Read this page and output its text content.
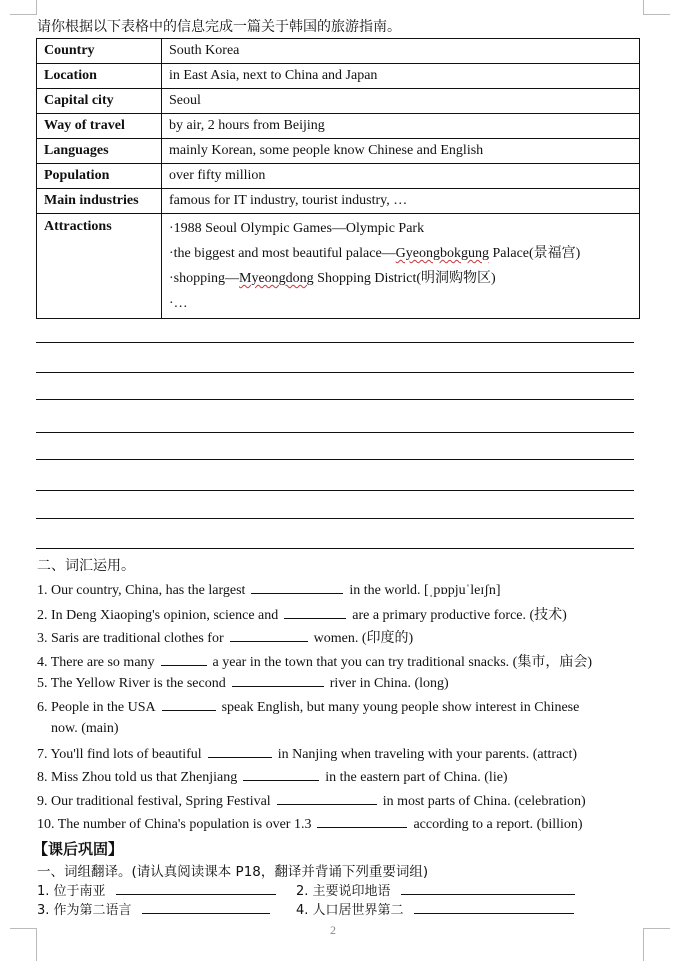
请你根据以下表格中的信息完成一篇关于韩国的旅游指南。
Country	South Korea
Location	in East Asia, next to China and Japan
Capital city	Seoul
Way of travel	by air, 2 hours from Beijing
Languages	mainly Korean, some people know Chinese and English
Population	over fifty million
Main industries	famous for IT industry, tourist industry, …
Attractions	·1988 Seoul Olympic Games—Olympic Park
·the biggest and most beautiful palace—Gyeongbokgung Palace(景福宫)
·shopping—Myeongdong Shopping District(明洞购物区)
·…
二、词汇运用。
1. Our country, China, has the largest	in the world. [ˌpɒpjuˈleɪʃn]
2. In Deng Xiaoping's opinion, science and	are a primary productive force. (技术)
3. Saris are traditional clothes for	women. (印度的)
4. There are so many	a year in the town that you can try traditional snacks. (集市，庙会)
5. The Yellow River is the second	river in China. (long)
6. People in the USA	speak English, but many young people show interest in Chinese
now. (main)
7. You'll find lots of beautiful	in Nanjing when traveling with your parents. (attract)
8. Miss Zhou told us that Zhenjiang	in the eastern part of China. (lie)
9. Our traditional festival, Spring Festival	in most parts of China. (celebration)
10. The number of China's population is over 1.3	according to a report. (billion)
【课后巩固】
一、词组翻译。(请认真阅读课本 P18，翻译并背诵下列重要词组)
1. 位于南亚	2. 主要说印地语
3. 作为第二语言	4. 人口居世界第二
2
